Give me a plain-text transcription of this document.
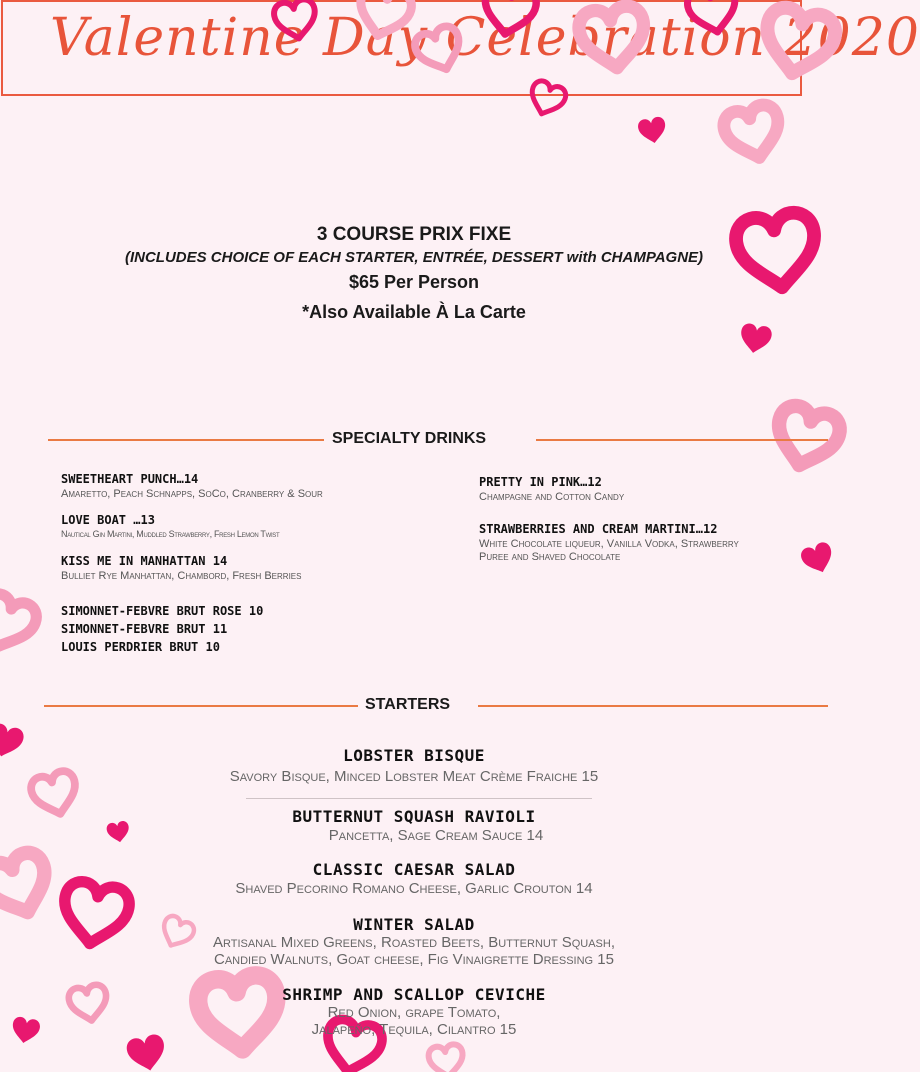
Valentine Day Celebration 2020
3 COURSE PRIX FIXE
(INCLUDES CHOICE OF EACH STARTER, ENTRÉE, DESSERT with CHAMPAGNE)
$65 Per Person
*Also Available À La Carte
SPECIALTY DRINKS
SWEETHEART PUNCH…14
Amaretto, Peach Schnapps, SoCo, Cranberry & Sour
LOVE BOAT …13
Nautical Gin Martini, Muddled Strawberry, Fresh Lemon Twist
KISS ME IN MANHATTAN 14
Bulliet Rye Manhattan, Chambord, Fresh Berries
SIMONNET-FEBVRE BRUT ROSE 10
SIMONNET-FEBVRE BRUT 11
LOUIS PERDRIER BRUT 10
PRETTY IN PINK…12
Champagne and Cotton Candy
STRAWBERRIES AND CREAM MARTINI…12
White Chocolate liqueur, Vanilla Vodka, Strawberry
Puree and Shaved Chocolate
STARTERS
LOBSTER BISQUE
Savory Bisque, Minced Lobster Meat Crème Fraiche 15
BUTTERNUT SQUASH RAVIOLI
Pancetta, Sage Cream Sauce 14
CLASSIC CAESAR SALAD
Shaved Pecorino Romano Cheese, Garlic Crouton 14
WINTER SALAD
Artisanal Mixed Greens, Roasted Beets, Butternut Squash,
Candied Walnuts, Goat cheese, Fig Vinaigrette Dressing 15
SHRIMP AND SCALLOP CEVICHE
Red Onion, grape Tomato,
Jalapeño, Tequila, Cilantro 15
